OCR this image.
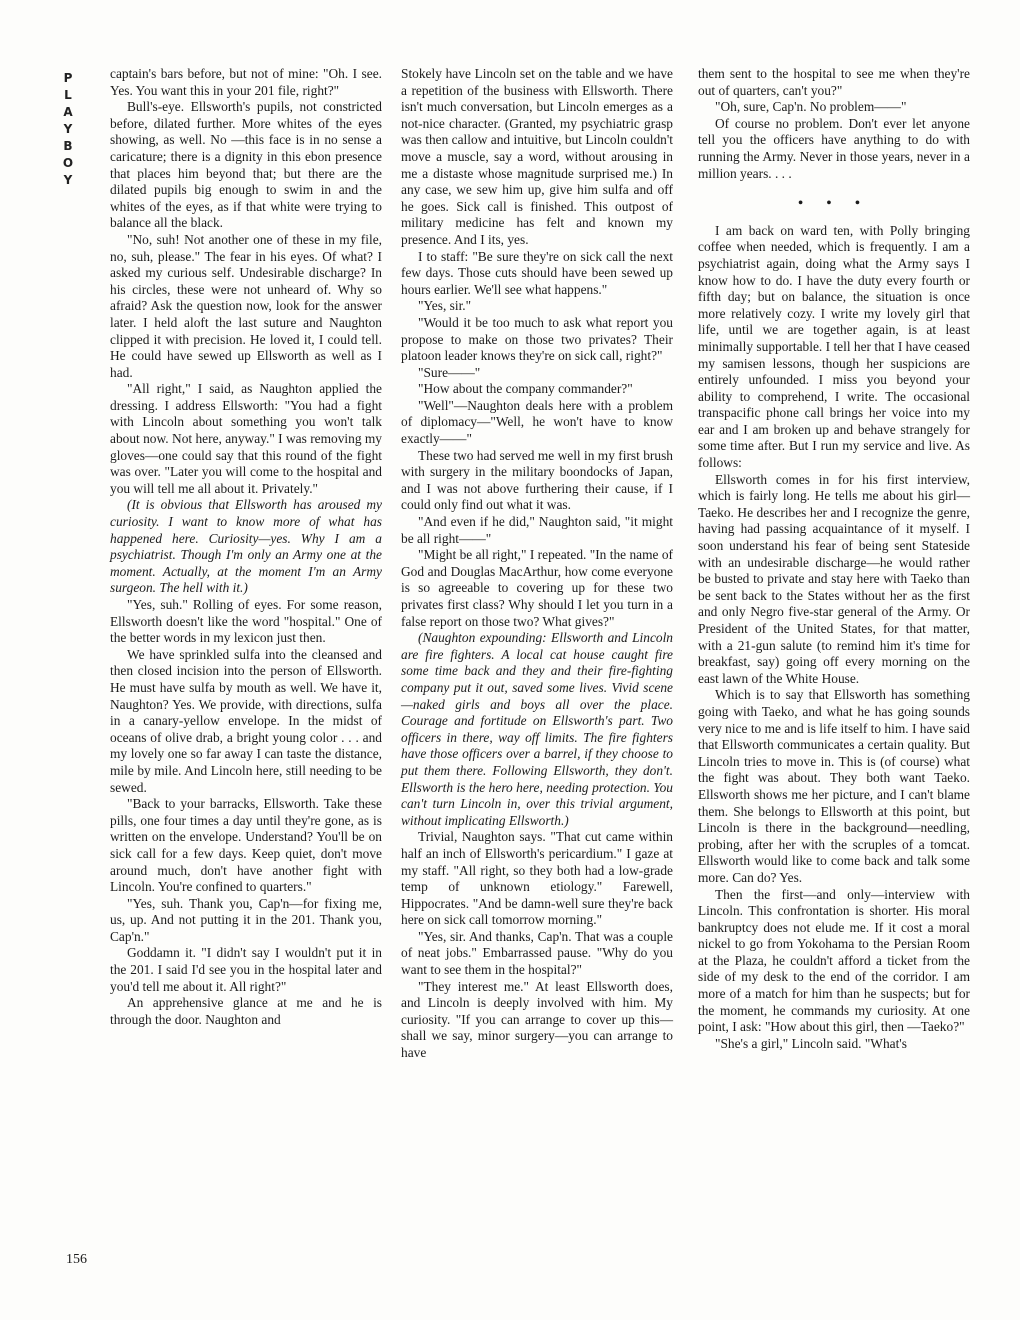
P
L
A
Y
B
O
Y

captain's bars before, but not of mine: "Oh. I see. Yes. You want this in your 201 file, right?"

Bull's-eye. Ellsworth's pupils, not constricted before, dilated further. More whites of the eyes showing, as well. No —this face is in no sense a caricature; there is a dignity in this ebon presence that places him beyond that; but there are the dilated pupils big enough to swim in and the whites of the eyes, as if that white were trying to balance all the black.

"No, suh! Not another one of these in my file, no, suh, please." The fear in his eyes. Of what? I asked my curious self. Undesirable discharge? In his circles, these were not unheard of. Why so afraid? Ask the question now, look for the answer later. I held aloft the last suture and Naughton clipped it with precision. He loved it, I could tell. He could have sewed up Ellsworth as well as I had.

"All right," I said, as Naughton applied the dressing. I address Ellsworth: "You had a fight with Lincoln about something you won't talk about now. Not here, anyway." I was removing my gloves—one could say that this round of the fight was over. "Later you will come to the hospital and you will tell me all about it. Privately."

(It is obvious that Ellsworth has aroused my curiosity. I want to know more of what has happened here. Curiosity—yes. Why I am a psychiatrist. Though I'm only an Army one at the moment. Actually, at the moment I'm an Army surgeon. The hell with it.)

"Yes, suh." Rolling of eyes. For some reason, Ellsworth doesn't like the word "hospital." One of the better words in my lexicon just then.

We have sprinkled sulfa into the cleansed and then closed incision into the person of Ellsworth. He must have sulfa by mouth as well. We have it, Naughton? Yes. We provide, with directions, sulfa in a canary-yellow envelope. In the midst of oceans of olive drab, a bright young color . . . and my lovely one so far away I can taste the distance, mile by mile. And Lincoln here, still needing to be sewed.

"Back to your barracks, Ellsworth. Take these pills, one four times a day until they're gone, as is written on the envelope. Understand? You'll be on sick call for a few days. Keep quiet, don't move around much, don't have another fight with Lincoln. You're confined to quarters."

"Yes, suh. Thank you, Cap'n—for fixing me, us, up. And not putting it in the 201. Thank you, Cap'n."

Goddamn it. "I didn't say I wouldn't put it in the 201. I said I'd see you in the hospital later and you'd tell me about it. All right?"

An apprehensive glance at me and he is through the door. Naughton and

Stokely have Lincoln set on the table and we have a repetition of the business with Ellsworth. There isn't much conversation, but Lincoln emerges as a not-nice character. (Granted, my psychiatric grasp was then callow and intuitive, but Lincoln couldn't move a muscle, say a word, without arousing in me a distaste whose magnitude surprised me.) In any case, we sew him up, give him sulfa and off he goes. Sick call is finished. This outpost of military medicine has felt and known my presence. And I its, yes.

I to staff: "Be sure they're on sick call the next few days. Those cuts should have been sewed up hours earlier. We'll see what happens."

"Yes, sir."

"Would it be too much to ask what report you propose to make on those two privates? Their platoon leader knows they're on sick call, right?"

"Sure——"

"How about the company commander?"

"Well"—Naughton deals here with a problem of diplomacy—"Well, he won't have to know exactly——"

These two had served me well in my first brush with surgery in the military boondocks of Japan, and I was not above furthering their cause, if I could only find out what it was.

"And even if he did," Naughton said, "it might be all right——"

"Might be all right," I repeated. "In the name of God and Douglas MacArthur, how come everyone is so agreeable to covering up for these two privates first class? Why should I let you turn in a false report on those two? What gives?"

(Naughton expounding: Ellsworth and Lincoln are fire fighters. A local cat house caught fire some time back and they and their fire-fighting company put it out, saved some lives. Vivid scene—naked girls and boys all over the place. Courage and fortitude on Ellsworth's part. Two officers in there, way off limits. The fire fighters have those officers over a barrel, if they choose to put them there. Following Ellsworth, they don't. Ellsworth is the hero here, needing protection. You can't turn Lincoln in, over this trivial argument, without implicating Ellsworth.)

Trivial, Naughton says. "That cut came within half an inch of Ellsworth's pericardium." I gaze at my staff. "All right, so they both had a low-grade temp of unknown etiology." Farewell, Hippocrates. "And be damn-well sure they're back here on sick call tomorrow morning."

"Yes, sir. And thanks, Cap'n. That was a couple of neat jobs." Embarrassed pause. "Why do you want to see them in the hospital?"

"They interest me." At least Ellsworth does, and Lincoln is deeply involved with him. My curiosity. "If you can arrange to cover up this—shall we say, minor surgery—you can arrange to have

them sent to the hospital to see me when they're out of quarters, can't you?"

"Oh, sure, Cap'n. No problem——"

Of course no problem. Don't ever let anyone tell you the officers have anything to do with running the Army. Never in those years, never in a million years. . . .

• • •

I am back on ward ten, with Polly bringing coffee when needed, which is frequently. I am a psychiatrist again, doing what the Army says I know how to do. I have the duty every fourth or fifth day; but on balance, the situation is once more relatively cozy. I write my lovely girl that life, until we are together again, is at least minimally supportable. I tell her that I have ceased my samisen lessons, though her suspicions are entirely unfounded. I miss you beyond your ability to comprehend, I write. The occasional transpacific phone call brings her voice into my ear and I am broken up and behave strangely for some time after. But I run my service and live. As follows:

Ellsworth comes in for his first interview, which is fairly long. He tells me about his girl—Taeko. He describes her and I recognize the genre, having had passing acquaintance of it myself. I soon understand his fear of being sent Stateside with an undesirable discharge—he would rather be busted to private and stay here with Taeko than be sent back to the States without her as the first and only Negro five-star general of the Army. Or President of the United States, for that matter, with a 21-gun salute (to remind him it's time for breakfast, say) going off every morning on the east lawn of the White House.

Which is to say that Ellsworth has something going with Taeko, and what he has going sounds very nice to me and is life itself to him. I have said that Ellsworth communicates a certain quality. But Lincoln tries to move in. This is (of course) what the fight was about. They both want Taeko. Ellsworth shows me her picture, and I can't blame them. She belongs to Ellsworth at this point, but Lincoln is there in the background—needling, probing, after her with the scruples of a tomcat. Ellsworth would like to come back and talk some more. Can do? Yes.

Then the first—and only—interview with Lincoln. This confrontation is shorter. His moral bankruptcy does not elude me. If it cost a moral nickel to go from Yokohama to the Persian Room at the Plaza, he couldn't afford a ticket from the side of my desk to the end of the corridor. I am more of a match for him than he suspects; but for the moment, he commands my curiosity. At one point, I ask: "How about this girl, then —Taeko?"

"She's a girl," Lincoln said. "What's

156
